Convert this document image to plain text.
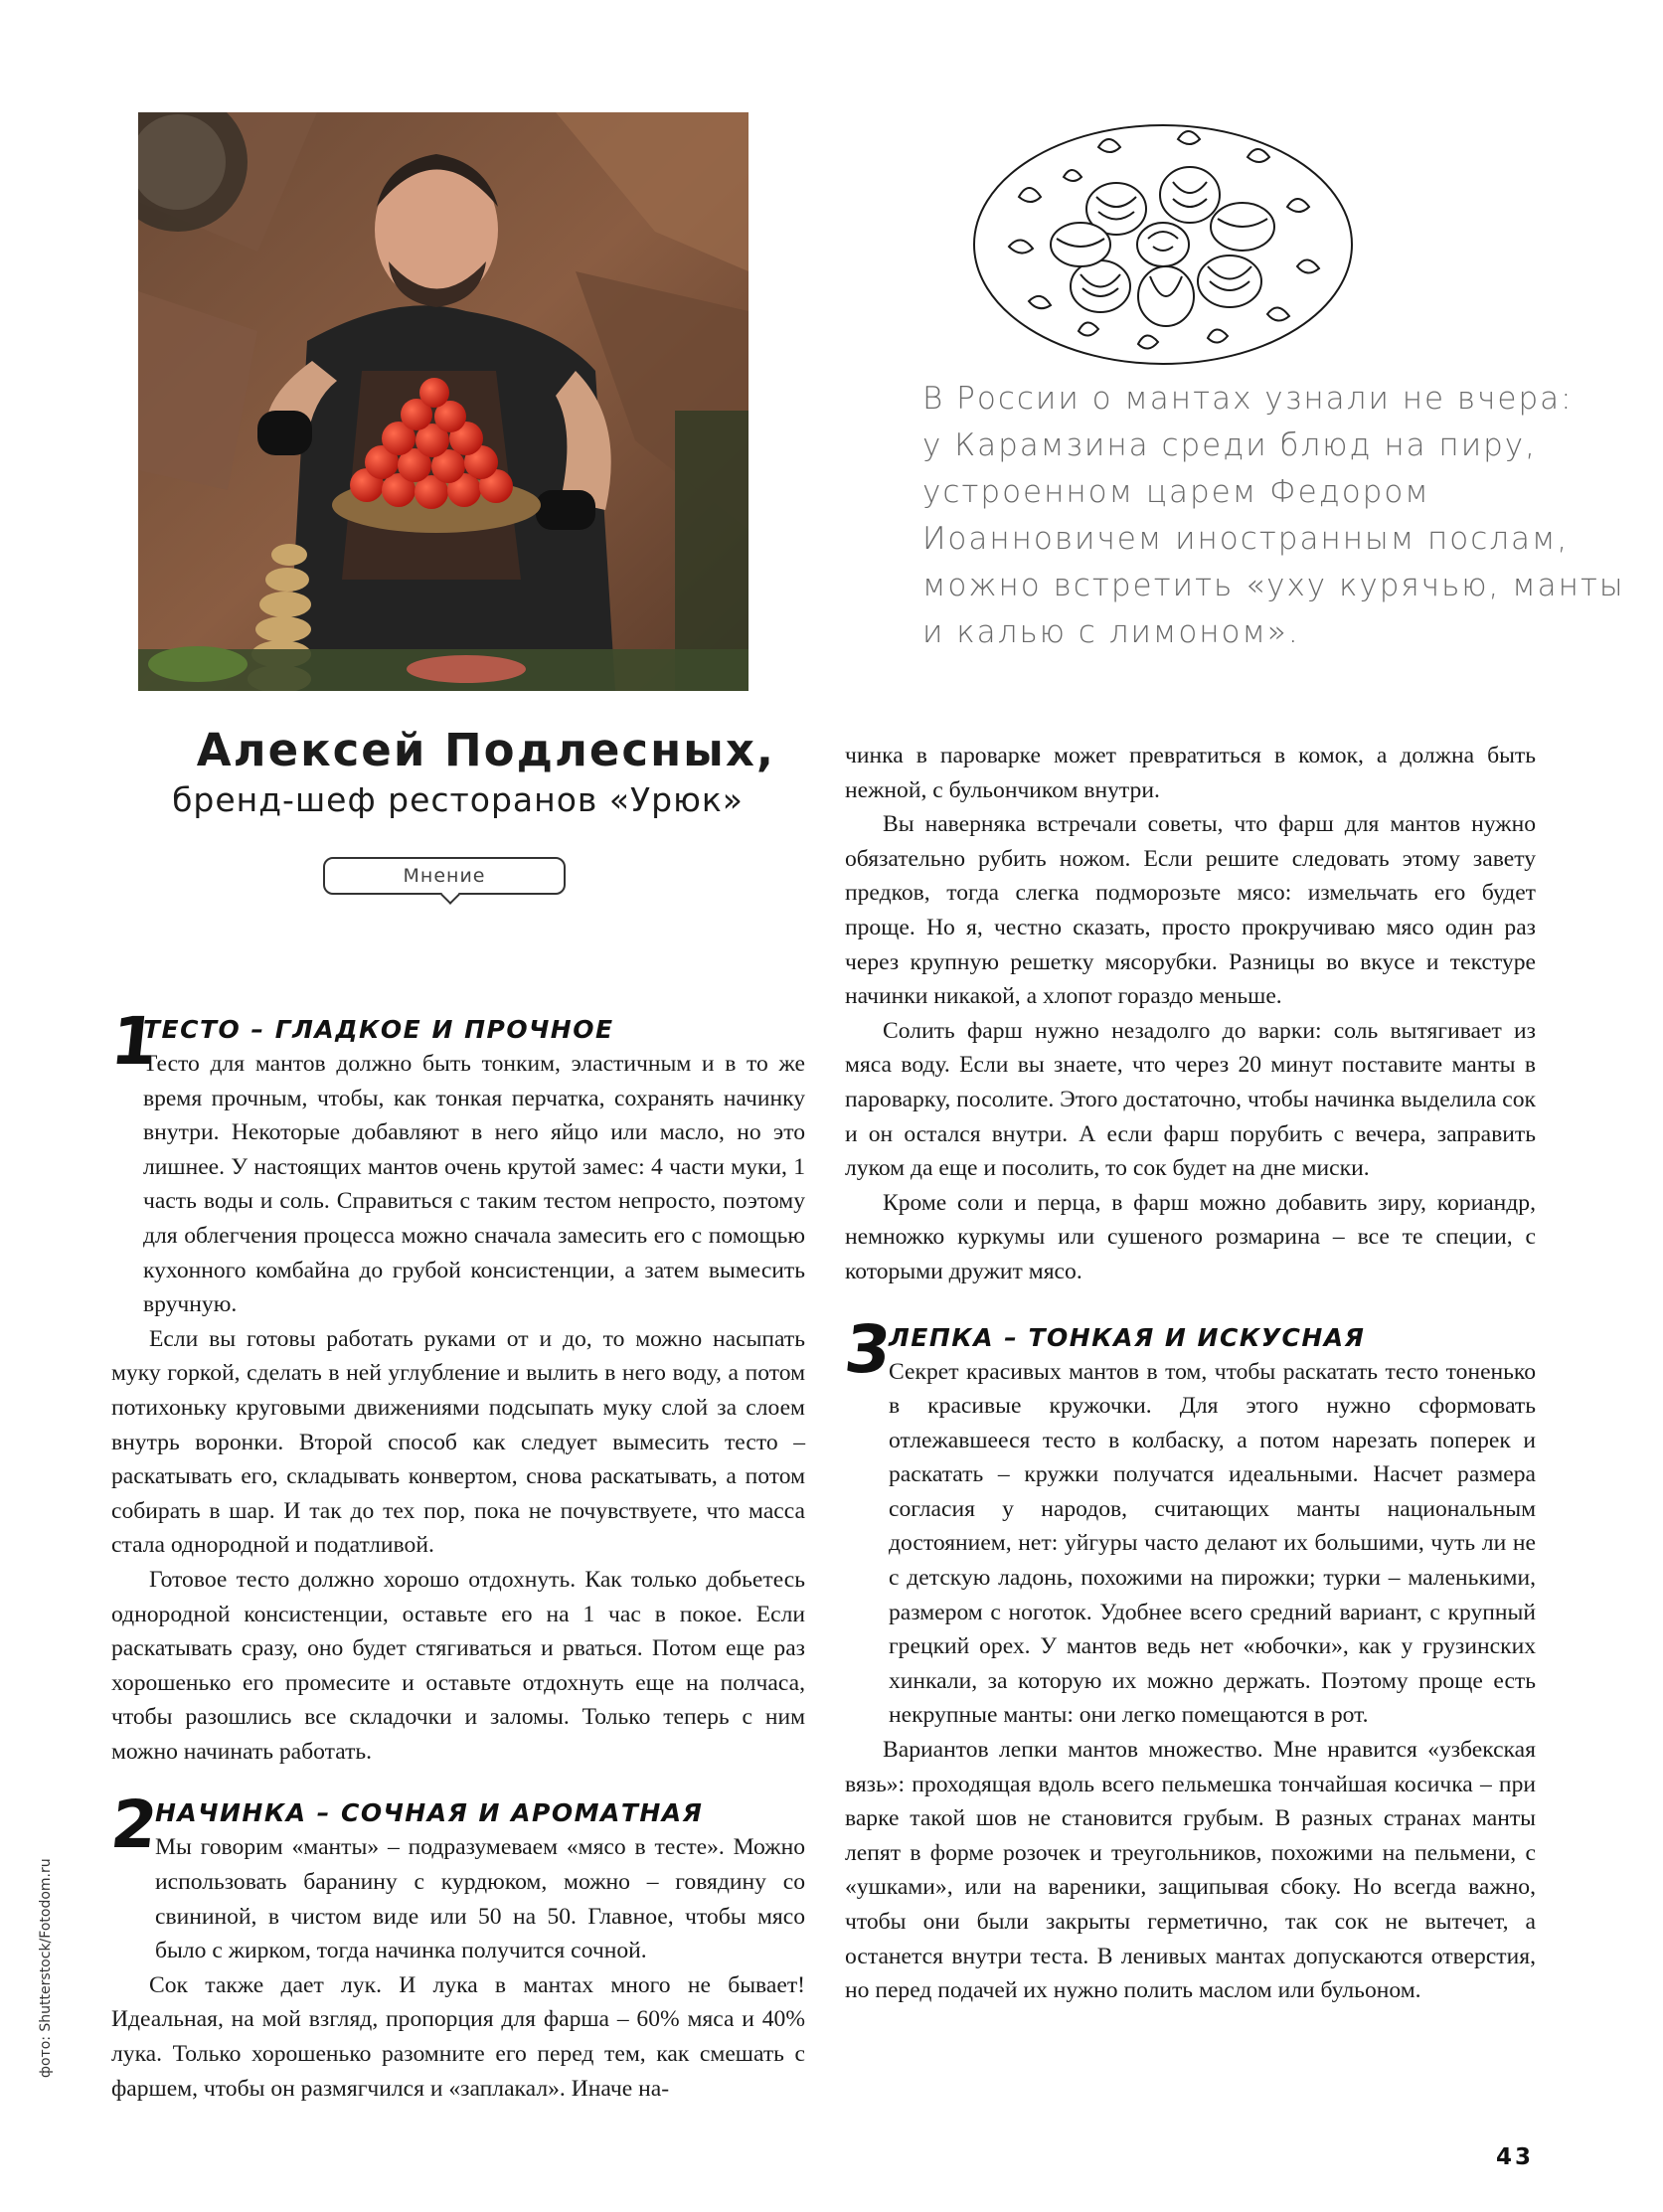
В России о мантах узнали не вчера:
у Карамзина среди блюд на пиру,
устроенном царем Федором
Иоанновичем иностранным послам,
можно встретить «уху курячью, манты
и калью с лимоном».
Алексей Подлесных,
бренд-шеф ресторанов «Урюк»
Мнение
1
ТЕСТО – ГЛАДКОЕ И ПРОЧНОЕ

Тесто для мантов должно быть тонким, эластичным и в то же время прочным, чтобы, как тонкая перчатка, сохранять начинку внутри. Некоторые добавляют в него яйцо или масло, но это лишнее. У настоящих мантов очень крутой замес: 4 части муки, 1 часть воды и соль. Справиться с таким тестом непросто, поэтому для облегчения процесса можно сначала замесить его с помощью кухонного комбайна до грубой консистенции, а затем вымесить вручную.

Если вы готовы работать руками от и до, то можно насыпать муку горкой, сделать в ней углубление и вылить в него воду, а потом потихоньку круговыми движениями подсыпать муку слой за слоем внутрь воронки. Второй способ как следует вымесить тесто – раскатывать его, складывать конвертом, снова раскатывать, а потом собирать в шар. И так до тех пор, пока не почувствуете, что масса стала однородной и податливой.

Готовое тесто должно хорошо отдохнуть. Как только добьетесь однородной консистенции, оставьте его на 1 час в покое. Если раскатывать сразу, оно будет стягиваться и рваться. Потом еще раз хорошенько его промесите и оставьте отдохнуть еще на полчаса, чтобы разошлись все складочки и заломы. Только теперь с ним можно начинать работать.

2
НАЧИНКА – СОЧНАЯ И АРОМАТНАЯ

Мы говорим «манты» – подразумеваем «мясо в тесте». Можно использовать баранину с курдюком, можно – говядину со свининой, в чистом виде или 50 на 50. Главное, чтобы мясо было с жирком, тогда начинка получится сочной.

Сок также дает лук. И лука в мантах много не бывает! Идеальная, на мой взгляд, пропорция для фарша – 60% мяса и 40% лука. Только хорошенько разомните его перед тем, как смешать с фаршем, чтобы он размягчился и «заплакал». Иначе на-

чинка в пароварке может превратиться в комок, а должна быть нежной, с бульончиком внутри.

Вы наверняка встречали советы, что фарш для мантов нужно обязательно рубить ножом. Если решите следовать этому завету предков, тогда слегка подморозьте мясо: измельчать его будет проще. Но я, честно сказать, просто прокручиваю мясо один раз через крупную решетку мясорубки. Разницы во вкусе и текстуре начинки никакой, а хлопот гораздо меньше.

Солить фарш нужно незадолго до варки: соль вытягивает из мяса воду. Если вы знаете, что через 20 минут поставите манты в пароварку, посолите. Этого достаточно, чтобы начинка выделила сок и он остался внутри. А если фарш порубить с вечера, заправить луком да еще и посолить, то сок будет на дне миски.

Кроме соли и перца, в фарш можно добавить зиру, кориандр, немножко куркумы или сушеного розмарина – все те специи, с которыми дружит мясо.

3
ЛЕПКА – ТОНКАЯ И ИСКУСНАЯ

Секрет красивых мантов в том, чтобы раскатать тесто тоненько в красивые кружочки. Для этого нужно сформовать отлежавшееся тесто в колбаску, а потом нарезать поперек и раскатать – кружки получатся идеальными. Насчет размера согласия у народов, считающих манты национальным достоянием, нет: уйгуры часто делают их большими, чуть ли не с детскую ладонь, похожими на пирожки; турки – маленькими, размером с ноготок. Удобнее всего средний вариант, с крупный грецкий орех. У мантов ведь нет «юбочки», как у грузинских хинкали, за которую их можно держать. Поэтому проще есть некрупные манты: они легко помещаются в рот.

Вариантов лепки мантов множество. Мне нравится «узбекская вязь»: проходящая вдоль всего пельмешка тончайшая косичка – при варке такой шов не становится грубым. В разных странах манты лепят в форме розочек и треугольников, похожими на пельмени, с «ушками», или на вареники, защипывая сбоку. Но всегда важно, чтобы они были закрыты герметично, так сок не вытечет, а останется внутри теста. В ленивых мантах допускаются отверстия, но перед подачей их нужно полить маслом или бульоном.

фото: Shutterstock/Fotodom.ru
43
